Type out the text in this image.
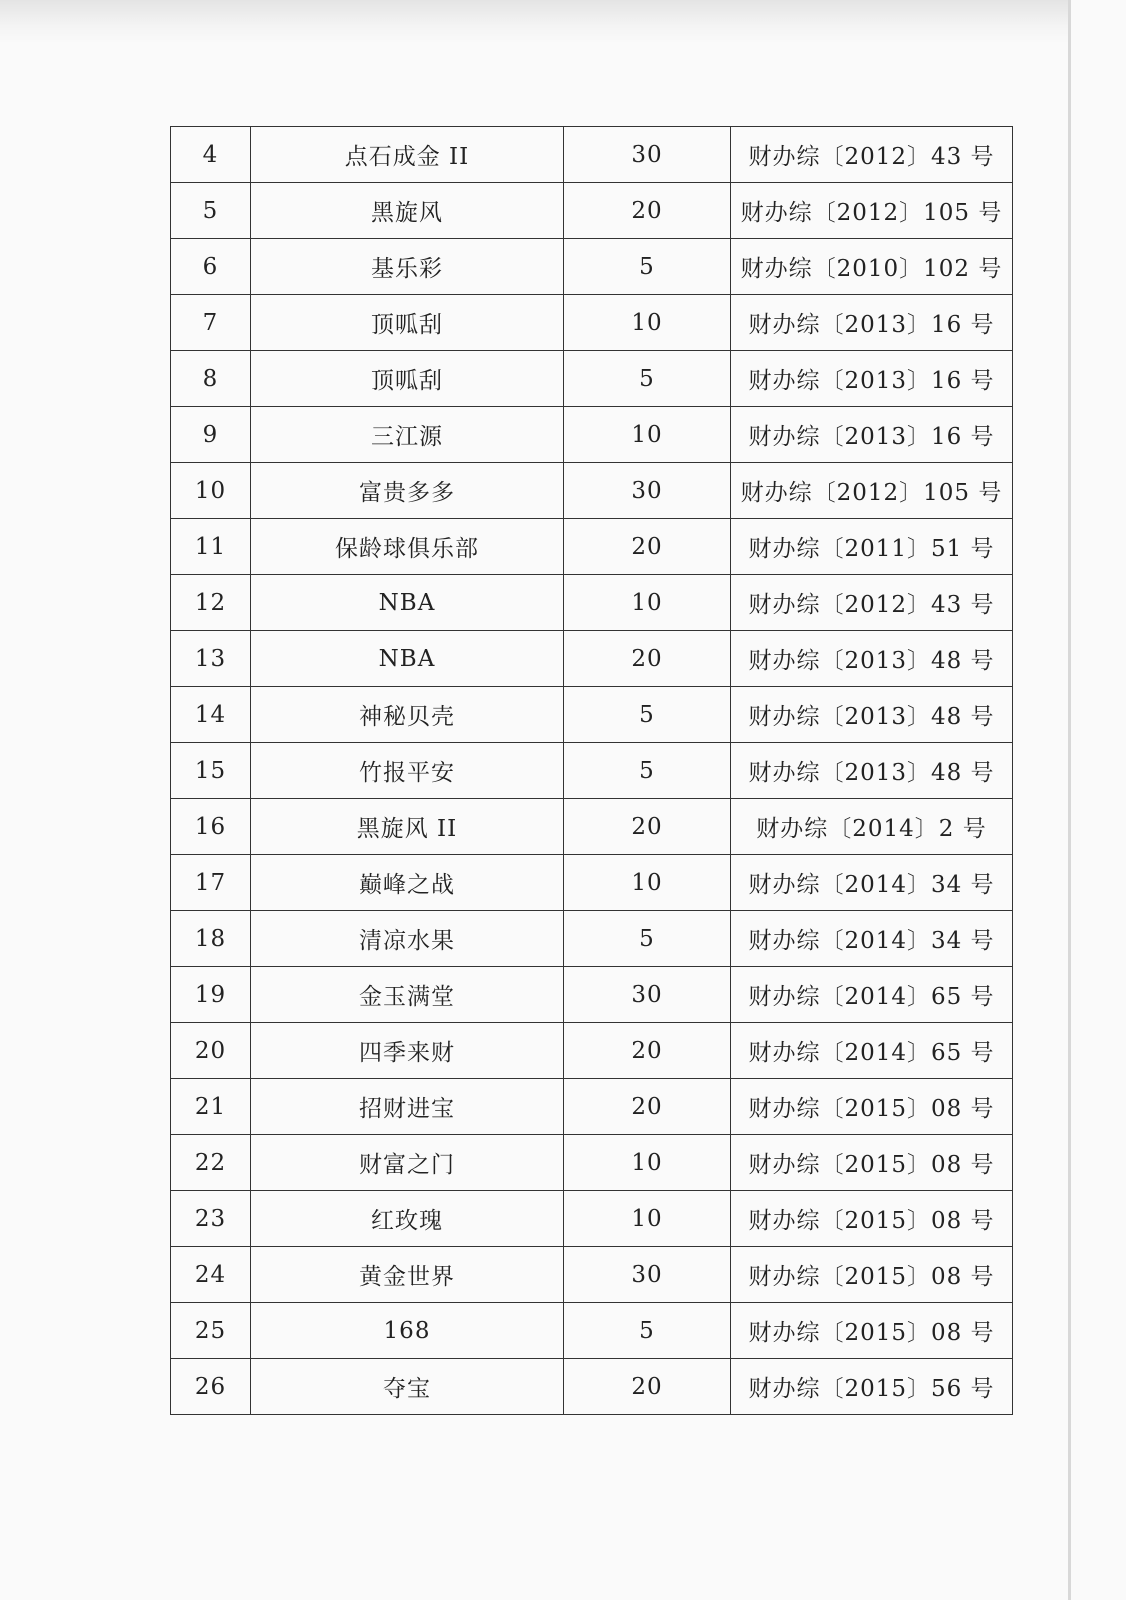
4	点石成金 II	30	财办综〔2012〕43 号
5	黑旋风	20	财办综〔2012〕105 号
6	基乐彩	5	财办综〔2010〕102 号
7	顶呱刮	10	财办综〔2013〕16 号
8	顶呱刮	5	财办综〔2013〕16 号
9	三江源	10	财办综〔2013〕16 号
10	富贵多多	30	财办综〔2012〕105 号
11	保龄球俱乐部	20	财办综〔2011〕51 号
12	NBA	10	财办综〔2012〕43 号
13	NBA	20	财办综〔2013〕48 号
14	神秘贝壳	5	财办综〔2013〕48 号
15	竹报平安	5	财办综〔2013〕48 号
16	黑旋风 II	20	财办综〔2014〕2 号
17	巅峰之战	10	财办综〔2014〕34 号
18	清凉水果	5	财办综〔2014〕34 号
19	金玉满堂	30	财办综〔2014〕65 号
20	四季来财	20	财办综〔2014〕65 号
21	招财进宝	20	财办综〔2015〕08 号
22	财富之门	10	财办综〔2015〕08 号
23	红玫瑰	10	财办综〔2015〕08 号
24	黄金世界	30	财办综〔2015〕08 号
25	168	5	财办综〔2015〕08 号
26	夺宝	20	财办综〔2015〕56 号
